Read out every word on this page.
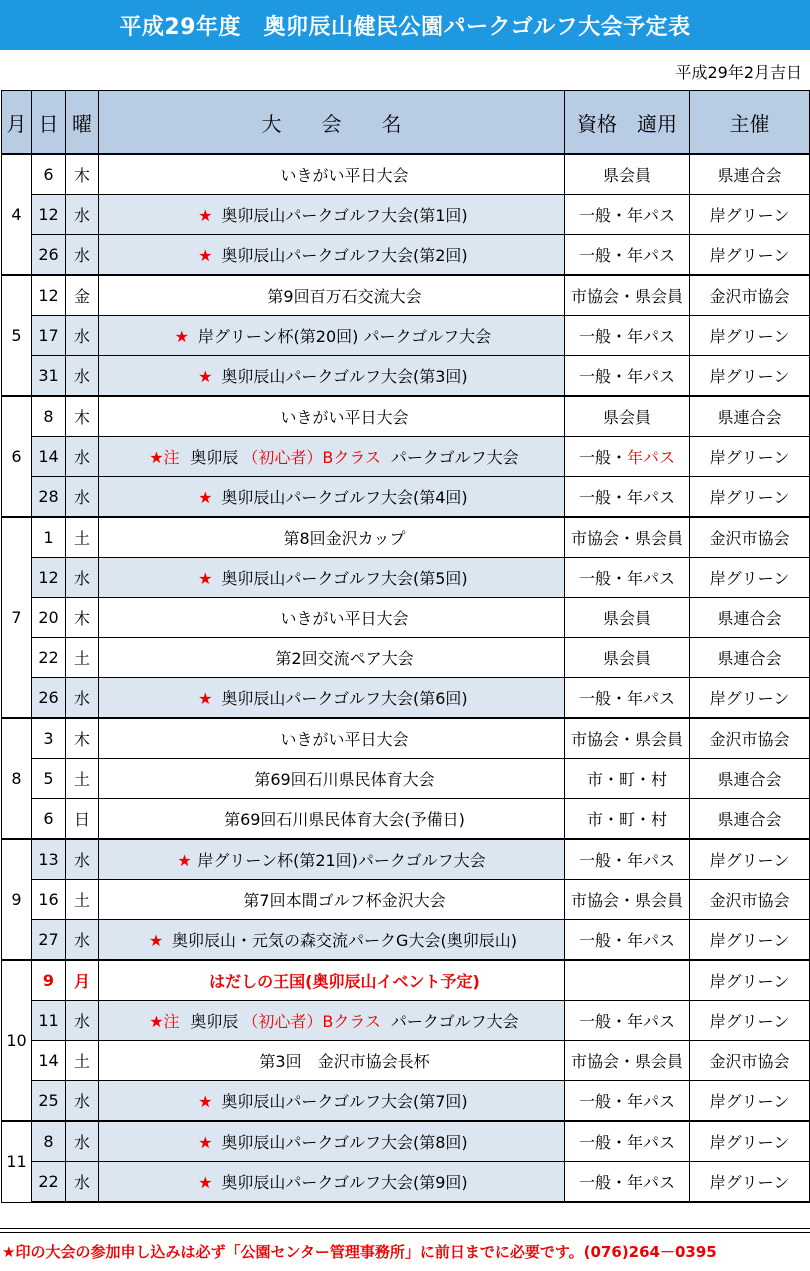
平成29年度　奥卯辰山健民公園パークゴルフ大会予定表
平成29年2月吉日
月	日	曜	大　　会　　名	資格　適用	主催
4	6	木	いきがい平日大会	県会員	県連合会
	12	水	★ 奥卯辰山パークゴルフ大会(第1回)	一般・年パス	岸グリーン
	26	水	★ 奥卯辰山パークゴルフ大会(第2回)	一般・年パス	岸グリーン
5	12	金	第9回百万石交流大会	市協会・県会員	金沢市協会
	17	水	★ 岸グリーン杯(第20回) パークゴルフ大会	一般・年パス	岸グリーン
	31	水	★ 奥卯辰山パークゴルフ大会(第3回)	一般・年パス	岸グリーン
6	8	木	いきがい平日大会	県会員	県連合会
	14	水	★注 奥卯辰 （初心者）Bクラス パークゴルフ大会	一般・年パス	岸グリーン
	28	水	★ 奥卯辰山パークゴルフ大会(第4回)	一般・年パス	岸グリーン
7	1	土	第8回金沢カップ	市協会・県会員	金沢市協会
	12	水	★ 奥卯辰山パークゴルフ大会(第5回)	一般・年パス	岸グリーン
	20	木	いきがい平日大会	県会員	県連合会
	22	土	第2回交流ペア大会	県会員	県連合会
	26	水	★ 奥卯辰山パークゴルフ大会(第6回)	一般・年パス	岸グリーン
8	3	木	いきがい平日大会	市協会・県会員	金沢市協会
	5	土	第69回石川県民体育大会	市・町・村	県連合会
	6	日	第69回石川県民体育大会(予備日)	市・町・村	県連合会
9	13	水	★ 岸グリーン杯(第21回)パークゴルフ大会	一般・年パス	岸グリーン
	16	土	第7回本間ゴルフ杯金沢大会	市協会・県会員	金沢市協会
	27	水	★ 奥卯辰山・元気の森交流パークG大会(奥卯辰山)	一般・年パス	岸グリーン
10	9	月	はだしの王国(奥卯辰山イベント予定)		岸グリーン
	11	水	★注 奥卯辰 （初心者）Bクラス パークゴルフ大会	一般・年パス	岸グリーン
	14	土	第3回　金沢市協会長杯	市協会・県会員	金沢市協会
	25	水	★ 奥卯辰山パークゴルフ大会(第7回)	一般・年パス	岸グリーン
11	8	水	★ 奥卯辰山パークゴルフ大会(第8回)	一般・年パス	岸グリーン
	22	水	★ 奥卯辰山パークゴルフ大会(第9回)	一般・年パス	岸グリーン
★印の大会の参加申し込みは必ず「公園センター管理事務所」に前日までに必要です。(076)264－0395
